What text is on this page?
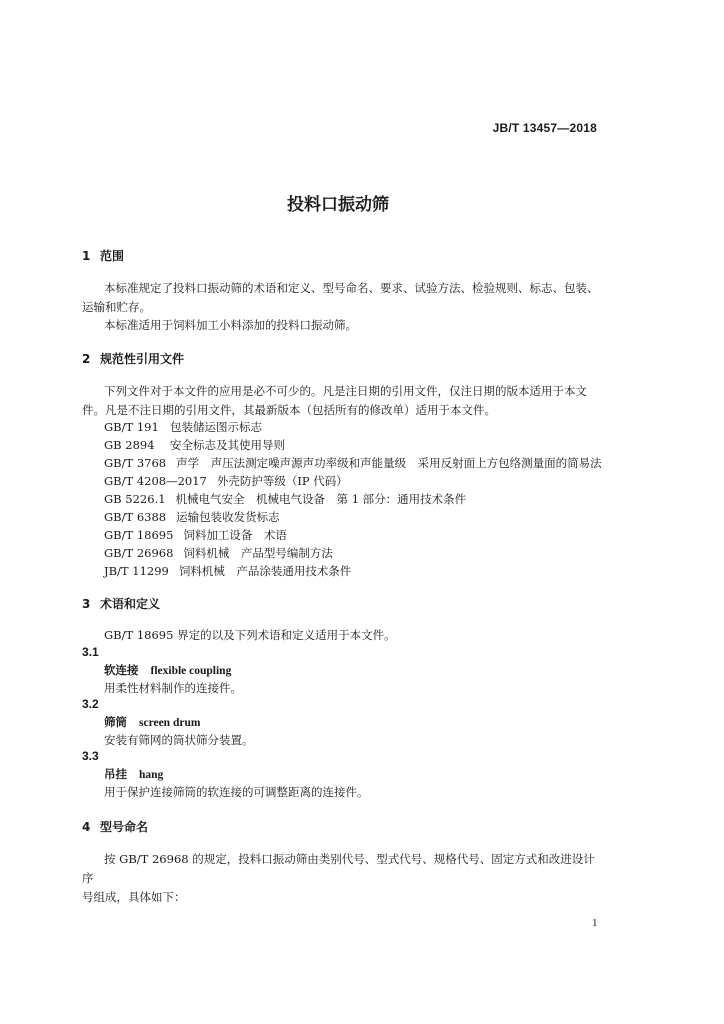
JB/T 13457—2018
投料口振动筛
1 范围
本标准规定了投料口振动筛的术语和定义、型号命名、要求、试验方法、检验规则、标志、包装、
运输和贮存。
本标准适用于饲料加工小料添加的投料口振动筛。
2 规范性引用文件
下列文件对于本文件的应用是必不可少的。凡是注日期的引用文件，仅注日期的版本适用于本文
件。凡是不注日期的引用文件，其最新版本（包括所有的修改单）适用于本文件。
GB/T 191 包装储运图示标志
GB 2894 安全标志及其使用导则
GB/T 3768 声学　声压法测定噪声源声功率级和声能量级　采用反射面上方包络测量面的简易法
GB/T 4208—2017 外壳防护等级（IP 代码）
GB 5226.1 机械电气安全　机械电气设备　第 1 部分：通用技术条件
GB/T 6388 运输包装收发货标志
GB/T 18695 饲料加工设备　术语
GB/T 26968 饲料机械　产品型号编制方法
JB/T 11299 饲料机械　产品涂装通用技术条件
3 术语和定义
GB/T 18695 界定的以及下列术语和定义适用于本文件。
3.1
软连接 flexible coupling
用柔性材料制作的连接件。
3.2
筛筒 screen drum
安装有筛网的筒状筛分装置。
3.3
吊挂 hang
用于保护连接筛筒的软连接的可调整距离的连接件。
4 型号命名
按 GB/T 26968 的规定，投料口振动筛由类别代号、型式代号、规格代号、固定方式和改进设计序
号组成，具体如下：
1
